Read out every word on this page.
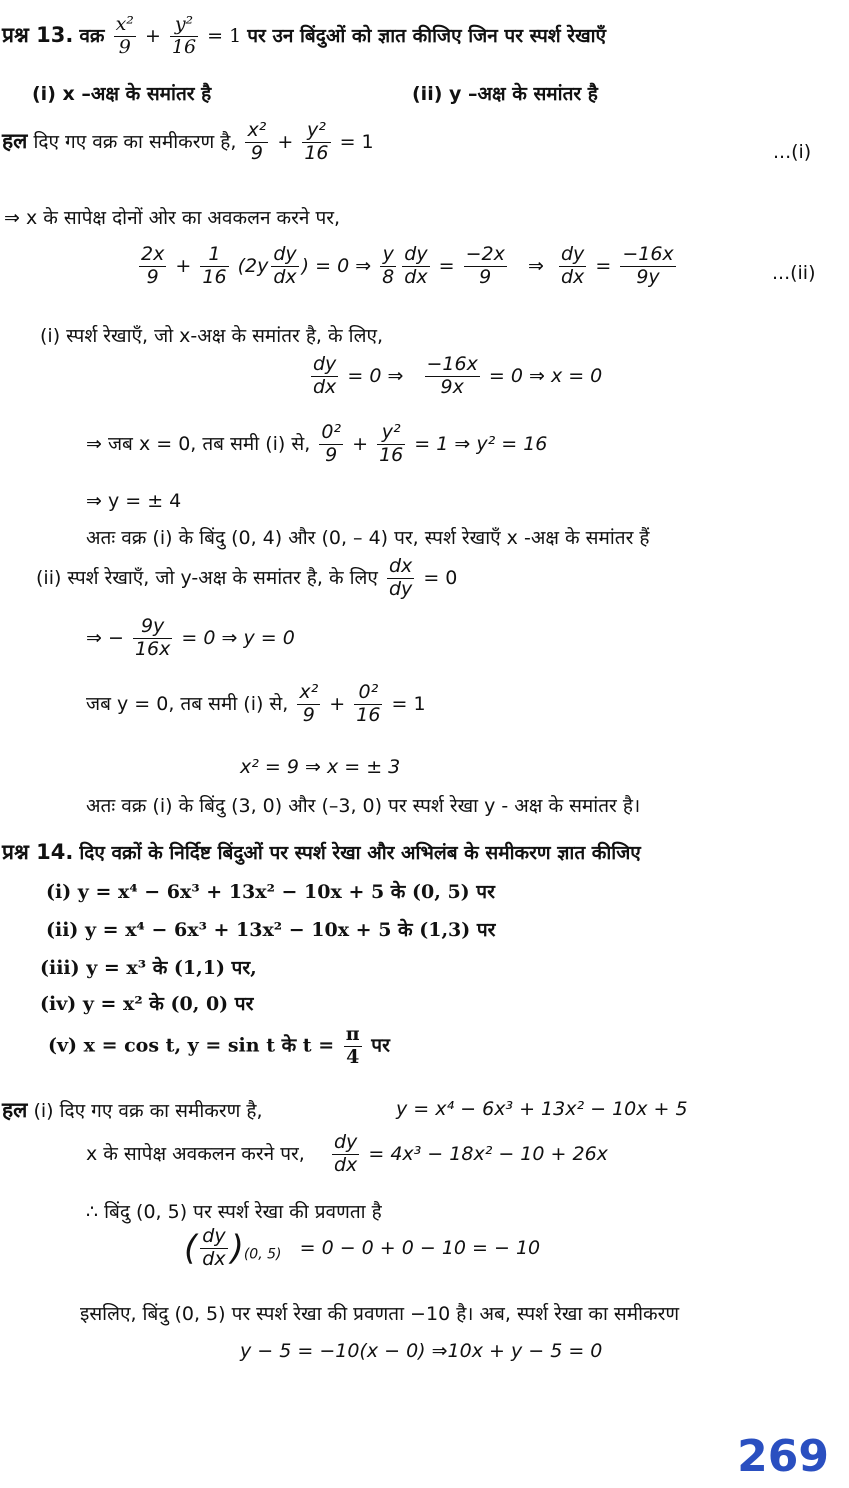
प्रश्न 13. वक्र $\frac{\text{x²}}{9} + \frac{\text{y²}}{16} = 1$ पर उन बिंदुओं को ज्ञात कीजिए जिन पर स्पर्श रेखाएँ
(i) x –अक्ष के समांतर है	(ii) y –अक्ष के समांतर है
हल दिए गए वक्र का समीकरण है, $\frac{\text{x²}}{9} + \frac{\text{y²}}{16} = 1$	...(i)
⇒ x के सापेक्ष दोनों ओर का अवकलन करने पर,
$\frac{2x}{9} + \frac{1}{16} (2y \frac{dy}{dx}$ ) = 0 ⇒ $\frac{y}{8} \frac{dy}{dx} = \frac{-2x}{9}$ ⇒ $\frac{dy}{dx} = \frac{-16x}{9y}$	...(ii)
(i) स्पर्श रेखाएँ, जो x-अक्ष के समांतर है, के लिए,
$\frac{dy}{dx} = 0$ ⇒ $\frac{-16x}{9x} = 0$ ⇒ x = 0
⇒ जब x = 0, तब समी (i) से, $\frac{\text{0²}}{9} + \frac{\text{y²}}{16} = 1$ ⇒ y² = 16
⇒ y = ± 4
अतः वक्र (i) के बिंदु (0, 4) और (0, – 4) पर, स्पर्श रेखाएँ x -अक्ष के समांतर हैं
(ii) स्पर्श रेखाएँ, जो y-अक्ष के समांतर है, के लिए $\frac{dx}{dy} = 0$
⇒ − $\frac{9y}{16x} = 0$ ⇒ y = 0
जब y = 0, तब समी (i) से, $\frac{\text{x²}}{9} + \frac{\text{0²}}{16} = 1$
x² = 9 ⇒ x = ± 3
अतः वक्र (i) के बिंदु (3, 0) और (–3, 0) पर स्पर्श रेखा y - अक्ष के समांतर है।
प्रश्न 14. दिए वक्रों के निर्दिष्ट बिंदुओं पर स्पर्श रेखा और अभिलंब के समीकरण ज्ञात कीजिए
(i) y = x⁴ − 6x³ + 13x² − 10x + 5 के (0, 5) पर
(ii) y = x⁴ − 6x³ + 13x² − 10x + 5 के (1,3) पर
(iii) y = x³ के (1,1) पर,
(iv) y = x² के (0, 0) पर
(v) x = cos t, y = sin t के $t = \frac{\pi}{4}$ पर
हल (i) दिए गए वक्र का समीकरण है,	y = x⁴ − 6x³ + 13x² − 10x + 5
x के सापेक्ष अवकलन करने पर, $\frac{dy}{dx} = 4x^3 - 18x^2 - 10 + 26x$
∴ बिंदु (0, 5) पर स्पर्श रेखा की प्रवणता है
( $\frac{dy}{dx} )_{(0, 5)} = 0 - 0 + 0 - 10$ = − 10
इसलिए, बिंदु (0, 5) पर स्पर्श रेखा की प्रवणता −10 है। अब, स्पर्श रेखा का समीकरण
y − 5 = −10(x − 0) ⇒10x + y − 5 = 0
269
